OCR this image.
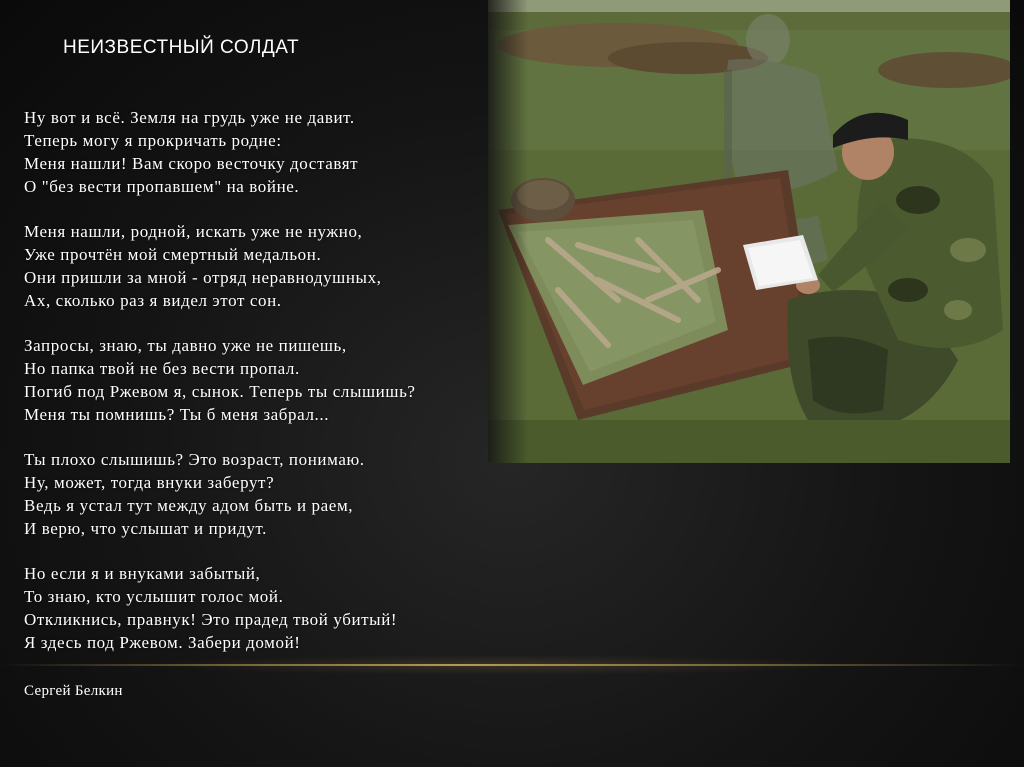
НЕИЗВЕСТНЫЙ СОЛДАТ
Ну вот и всё. Земля на грудь уже не давит.
Теперь могу я прокричать родне:
Меня нашли! Вам скоро весточку доставят
О "без вести пропавшем" на войне.
Меня нашли, родной, искать уже не нужно,
Уже прочтён мой смертный медальон.
Они пришли за мной - отряд неравнодушных,
Ах, сколько раз я видел этот сон.
Запросы, знаю, ты давно уже не пишешь,
Но папка твой не без вести пропал.
Погиб под Ржевом я, сынок. Теперь ты слышишь?
Меня ты помнишь? Ты б меня забрал...
Ты плохо слышишь? Это возраст, понимаю.
Ну, может, тогда внуки заберут?
Ведь я устал тут между адом быть и раем,
И верю, что услышат и придут.
Но если я и внуками забытый,
То знаю, кто услышит голос мой.
Откликнись, правнук! Это прадед твой убитый!
Я здесь под Ржевом. Забери домой!
Сергей Белкин
